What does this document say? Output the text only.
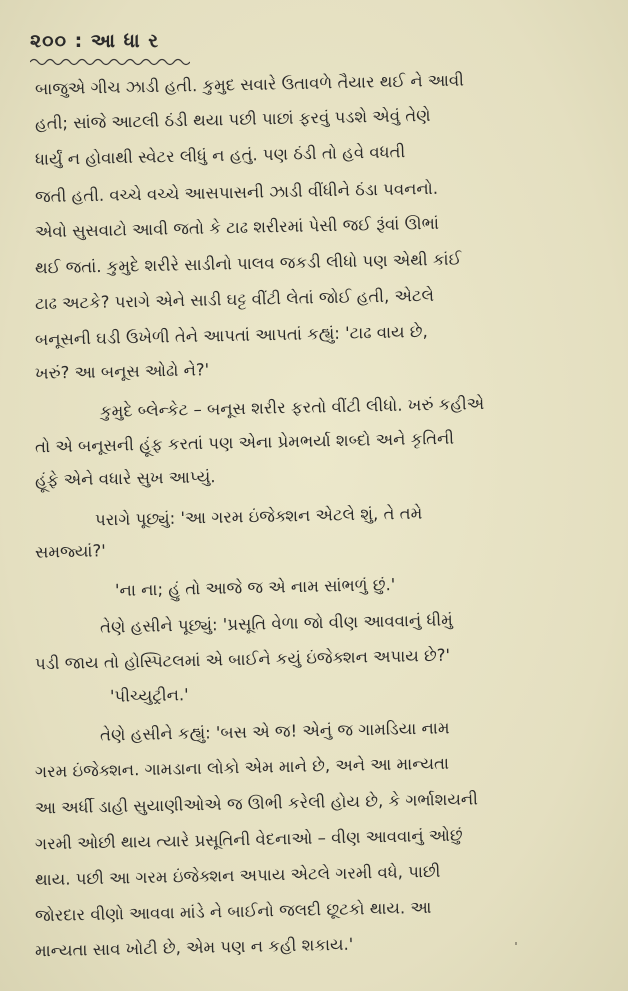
૨૦૦ : આ ધા ર
બાજુએ ગીચ ઝાડી હતી. કુમુદ સવારે ઉતાવળે તૈયાર થઈ ને આવી
હતી; સાંજે આટલી ઠંડી થયા પછી પાછાં ફરવું પડશે એવું તેણે
ધાર્યું ન હોવાથી સ્વેટર લીધું ન હતું. પણ ઠંડી તો હવે વધતી
જતી હતી. વચ્ચે વચ્ચે આસપાસની ઝાડી વીંધીને ઠંડા પવનનો.
એવો સુસવાટો આવી જતો કે ટાઢ શરીરમાં પેસી જઈ રૂંવાં ઊભાં
થઈ જતાં. કુમુદે શરીરે સાડીનો પાલવ જકડી લીધો પણ એથી કાંઈ
ટાઢ અટકે? પરાગે એને સાડી ઘટ્ટ વીંટી લેતાં જોઈ હતી, એટલે
બનૂસની ઘડી ઉખેળી તેને આપતાં આપતાં કહ્યું: 'ટાઢ વાય છે,
ખરું? આ બનૂસ ઓઢો ને?'
કુમુદે બ્લેન્કેટ – બનૂસ શરીર ફરતો વીંટી લીધો. ખરું કહીએ
તો એ બનૂસની હૂંફ કરતાં પણ એના પ્રેમભર્યા શબ્દો અને કૃતિની
હૂંફે એને વધારે સુખ આપ્યું.
પરાગે પૂછ્યું: 'આ ગરમ ઇંજેક્શન એટલે શું, તે તમે
સમજ્યાં?'
'ના ના; હું તો આજે જ એ નામ સાંભળું છું.'
તેણે હસીને પૂછ્યું: 'પ્રસૂતિ વેળા જો વીણ આવવાનું ધીમું
પડી જાય તો હોસ્પિટલમાં એ બાઈને કયું ઇંજેક્શન અપાય છે?'
'પીચ્યુટ્રીન.'
તેણે હસીને કહ્યું: 'બસ એ જ! એનું જ ગામડિયા નામ
ગરમ ઇંજેક્શન. ગામડાના લોકો એમ માને છે, અને આ માન્યતા
આ અર્ધી ડાહી સુયાણીઓએ જ ઊભી કરેલી હોય છે, કે ગર્ભાશયની
ગરમી ઓછી થાય ત્યારે પ્રસૂતિની વેદનાઓ – વીણ આવવાનું ઓછું
થાય. પછી આ ગરમ ઇંજેક્શન અપાય એટલે ગરમી વધે, પાછી
જોરદાર વીણો આવવા માંડે ને બાઈનો જલદી છૂટકો થાય. આ
માન્યતા સાવ ખોટી છે, એમ પણ ન કહી શકાય.'
